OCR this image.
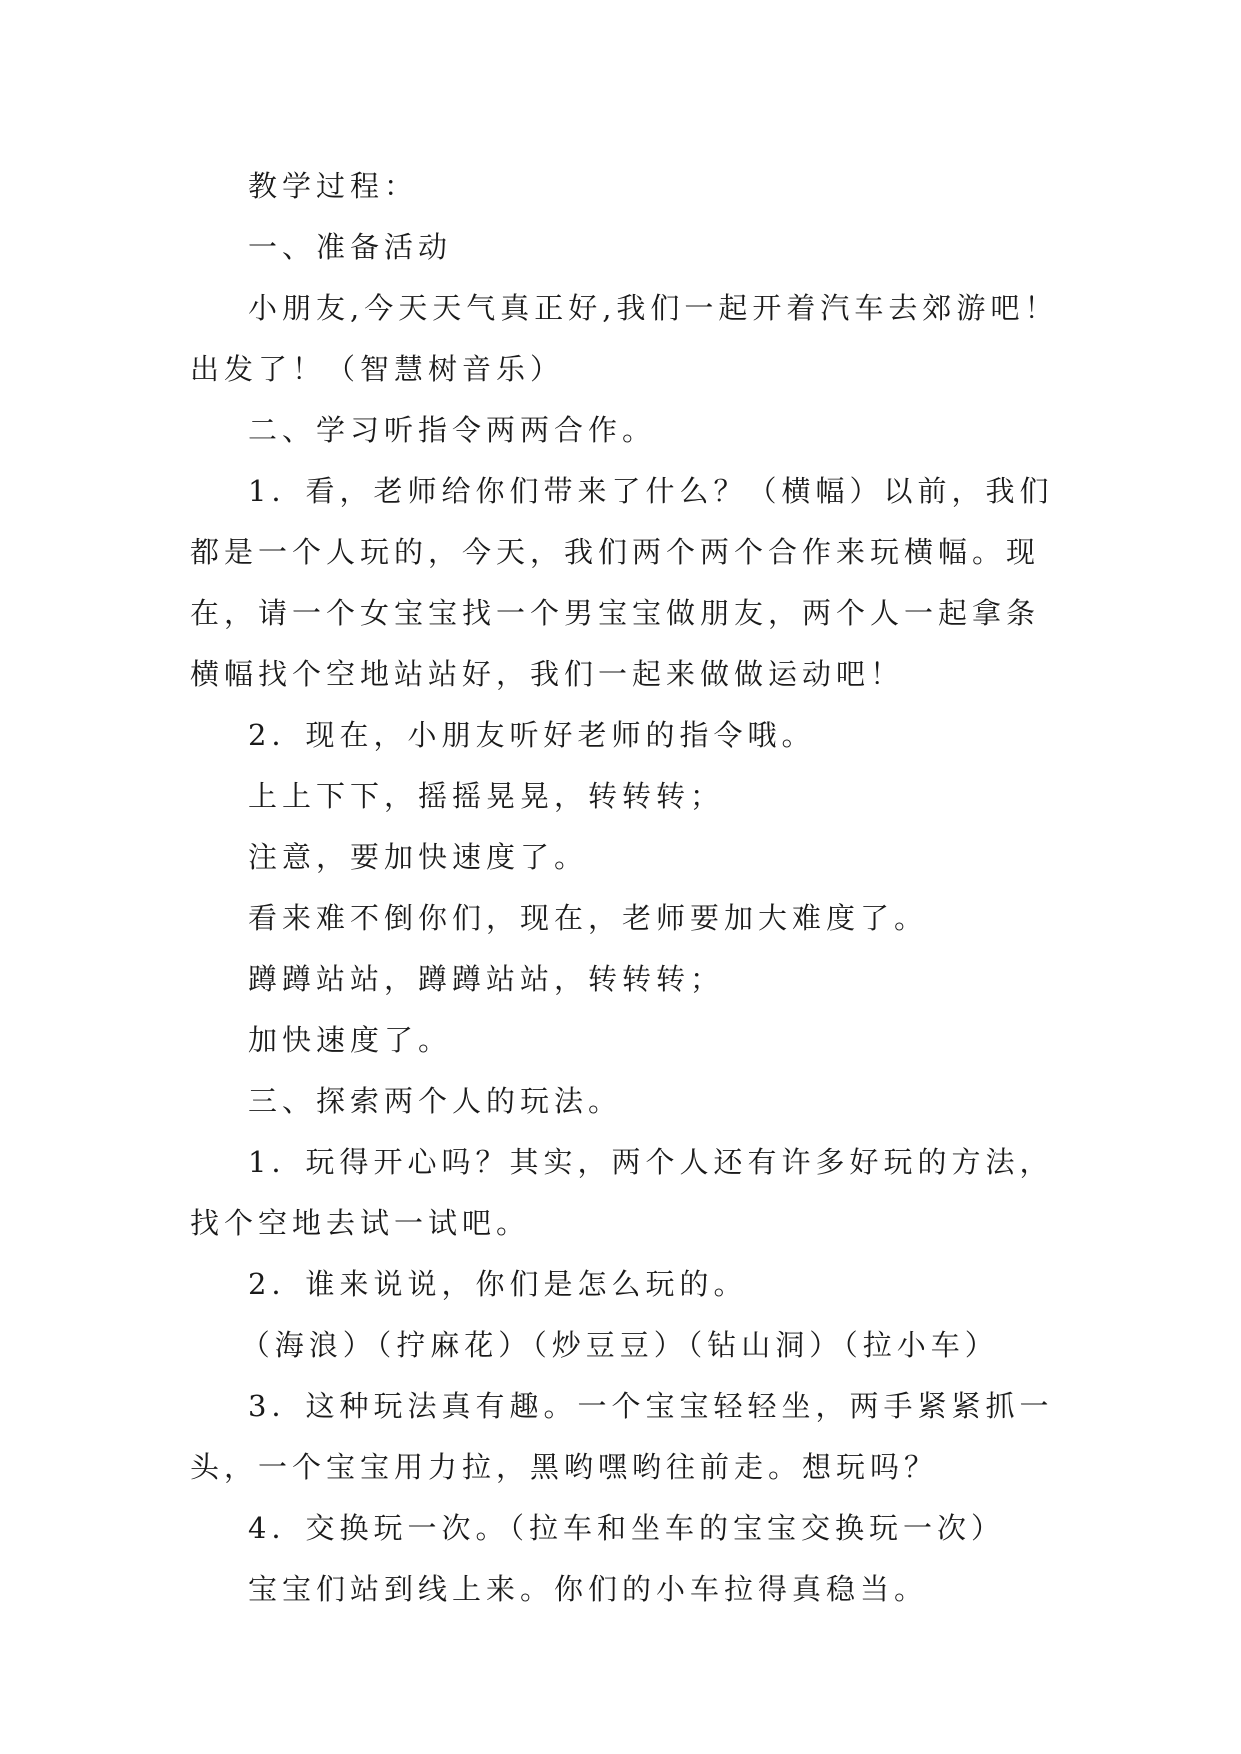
教学过程：

一、准备活动

小朋友,今天天气真正好,我们一起开着汽车去郊游吧！出发了！（智慧树音乐）

二、学习听指令两两合作。

1．看，老师给你们带来了什么？（横幅）以前，我们都是一个人玩的，今天，我们两个两个合作来玩横幅。现在，请一个女宝宝找一个男宝宝做朋友，两个人一起拿条横幅找个空地站站好，我们一起来做做运动吧！

2．现在，小朋友听好老师的指令哦。

上上下下，摇摇晃晃，转转转；

注意，要加快速度了。

看来难不倒你们，现在，老师要加大难度了。

蹲蹲站站，蹲蹲站站，转转转；

加快速度了。

三、探索两个人的玩法。

1．玩得开心吗？其实，两个人还有许多好玩的方法，找个空地去试一试吧。

2．谁来说说，你们是怎么玩的。

（海浪）（拧麻花）（炒豆豆）（钻山洞）（拉小车）

3．这种玩法真有趣。一个宝宝轻轻坐，两手紧紧抓一头，一个宝宝用力拉，黑哟嘿哟往前走。想玩吗？

4．交换玩一次。（拉车和坐车的宝宝交换玩一次）

宝宝们站到线上来。你们的小车拉得真稳当。
